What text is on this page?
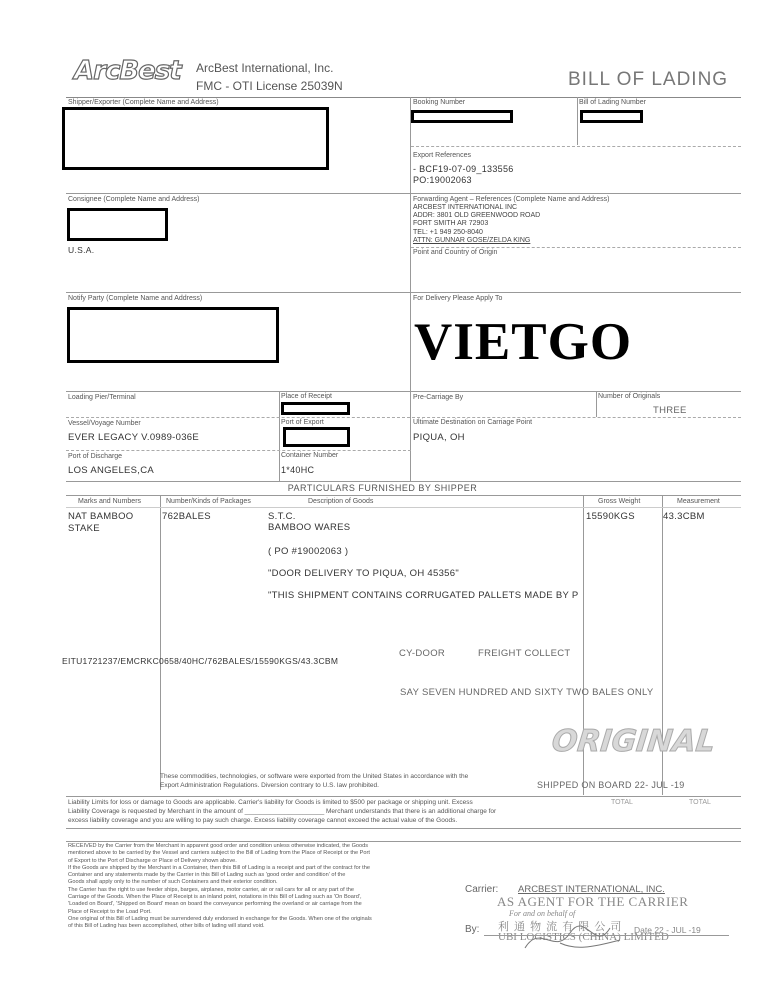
ArcBest ArcBest International, Inc.
FMC - OTI License 25039N	BILL OF LADING
Shipper/Exporter (Complete Name and Address)	Booking Number	Bill of Lading Number
Export References
- BCF19-07-09_133556
PO:19002063
Consignee (Complete Name and Address)
U.S.A.
Forwarding Agent – References (Complete Name and Address)
ARCBEST INTERNATIONAL INC
ADDR: 3801 OLD GREENWOOD ROAD
FORT SMITH AR 72903
TEL: +1 949 250-8040
ATTN: GUNNAR GOSE/ZELDA KING
Point and Country of Origin
Notify Party (Complete Name and Address)	For Delivery Please Apply To
VIETGO
Loading Pier/Terminal	Place of Receipt	Pre-Carriage By	Number of Originals
THREE
Vessel/Voyage Number
EVER LEGACY V.0989-036E
Port of Export	Ultimate Destination on Carriage Point
PIQUA, OH
Port of Discharge
LOS ANGELES,CA
Container Number
1*40HC
PARTICULARS FURNISHED BY SHIPPER
Marks and Numbers	Number/Kinds of Packages	Description of Goods	Gross Weight	Measurement
NAT BAMBOO
STAKE
762BALES	S.T.C.
BAMBOO WARES
( PO #19002063 )
"DOOR DELIVERY TO PIQUA, OH 45356"
"THIS SHIPMENT CONTAINS CORRUGATED PALLETS MADE BY P
15590KGS	43.3CBM
EITU1721237/EMCRKC0658/40HC/762BALES/15590KGS/43.3CBM
CY-DOOR	FREIGHT COLLECT
SAY SEVEN HUNDRED AND SIXTY TWO BALES ONLY
ORIGINAL
These commodities, technologies, or software were exported from the United States in accordance with the
Export Administration Regulations. Diversion contrary to U.S. law prohibited.	SHIPPED ON BOARD 22- JUL -19
Liability Limits for loss or damage to Goods are applicable. Carrier's liability for Goods is limited to $500 per package or shipping unit. Excess
Liability Coverage is requested by Merchant in the amount of ______________________ Merchant understands that there is an additional charge for
excess liability coverage and you are willing to pay such charge. Excess liability coverage cannot exceed the actual value of the Goods.
TOTAL	TOTAL
RECEIVED by the Carrier from the Merchant in apparent good order and condition unless otherwise indicated, the Goods
mentioned above to be carried by the Vessel and carriers subject to the Bill of Lading from the Place of Receipt or the Port
of Export to the Port of Discharge or Place of Delivery shown above.
If the Goods are shipped by the Merchant in a Container, then this Bill of Lading is a receipt and part of the contract for the
Container and any statements made by the Carrier in this Bill of Lading such as 'good order and condition' of the
Goods shall apply only to the number of such Containers and their exterior condition.
The Carrier has the right to use feeder ships, barges, airplanes, motor carrier, air or rail cars for all or any part of the
Carriage of the Goods. When the Place of Receipt is an inland point, notations in this Bill of Lading such as 'On Board',
'Loaded on Board', 'Shipped on Board' mean on board the conveyance performing the overland or air carriage from the
Place of Receipt to the Load Port.
One original of this Bill of Lading must be surrendered duly endorsed in exchange for the Goods. When one of the originals
of this Bill of Lading has been accomplished, other bills of lading will stand void.
Carrier: ARCBEST INTERNATIONAL, INC.
AS AGENT FOR THE CARRIER
For and on behalf of
利 通 物 流 有 限 公 司
UBI LOGISTICS (CHINA) LIMITED
Date 22 - JUL -19
By:
